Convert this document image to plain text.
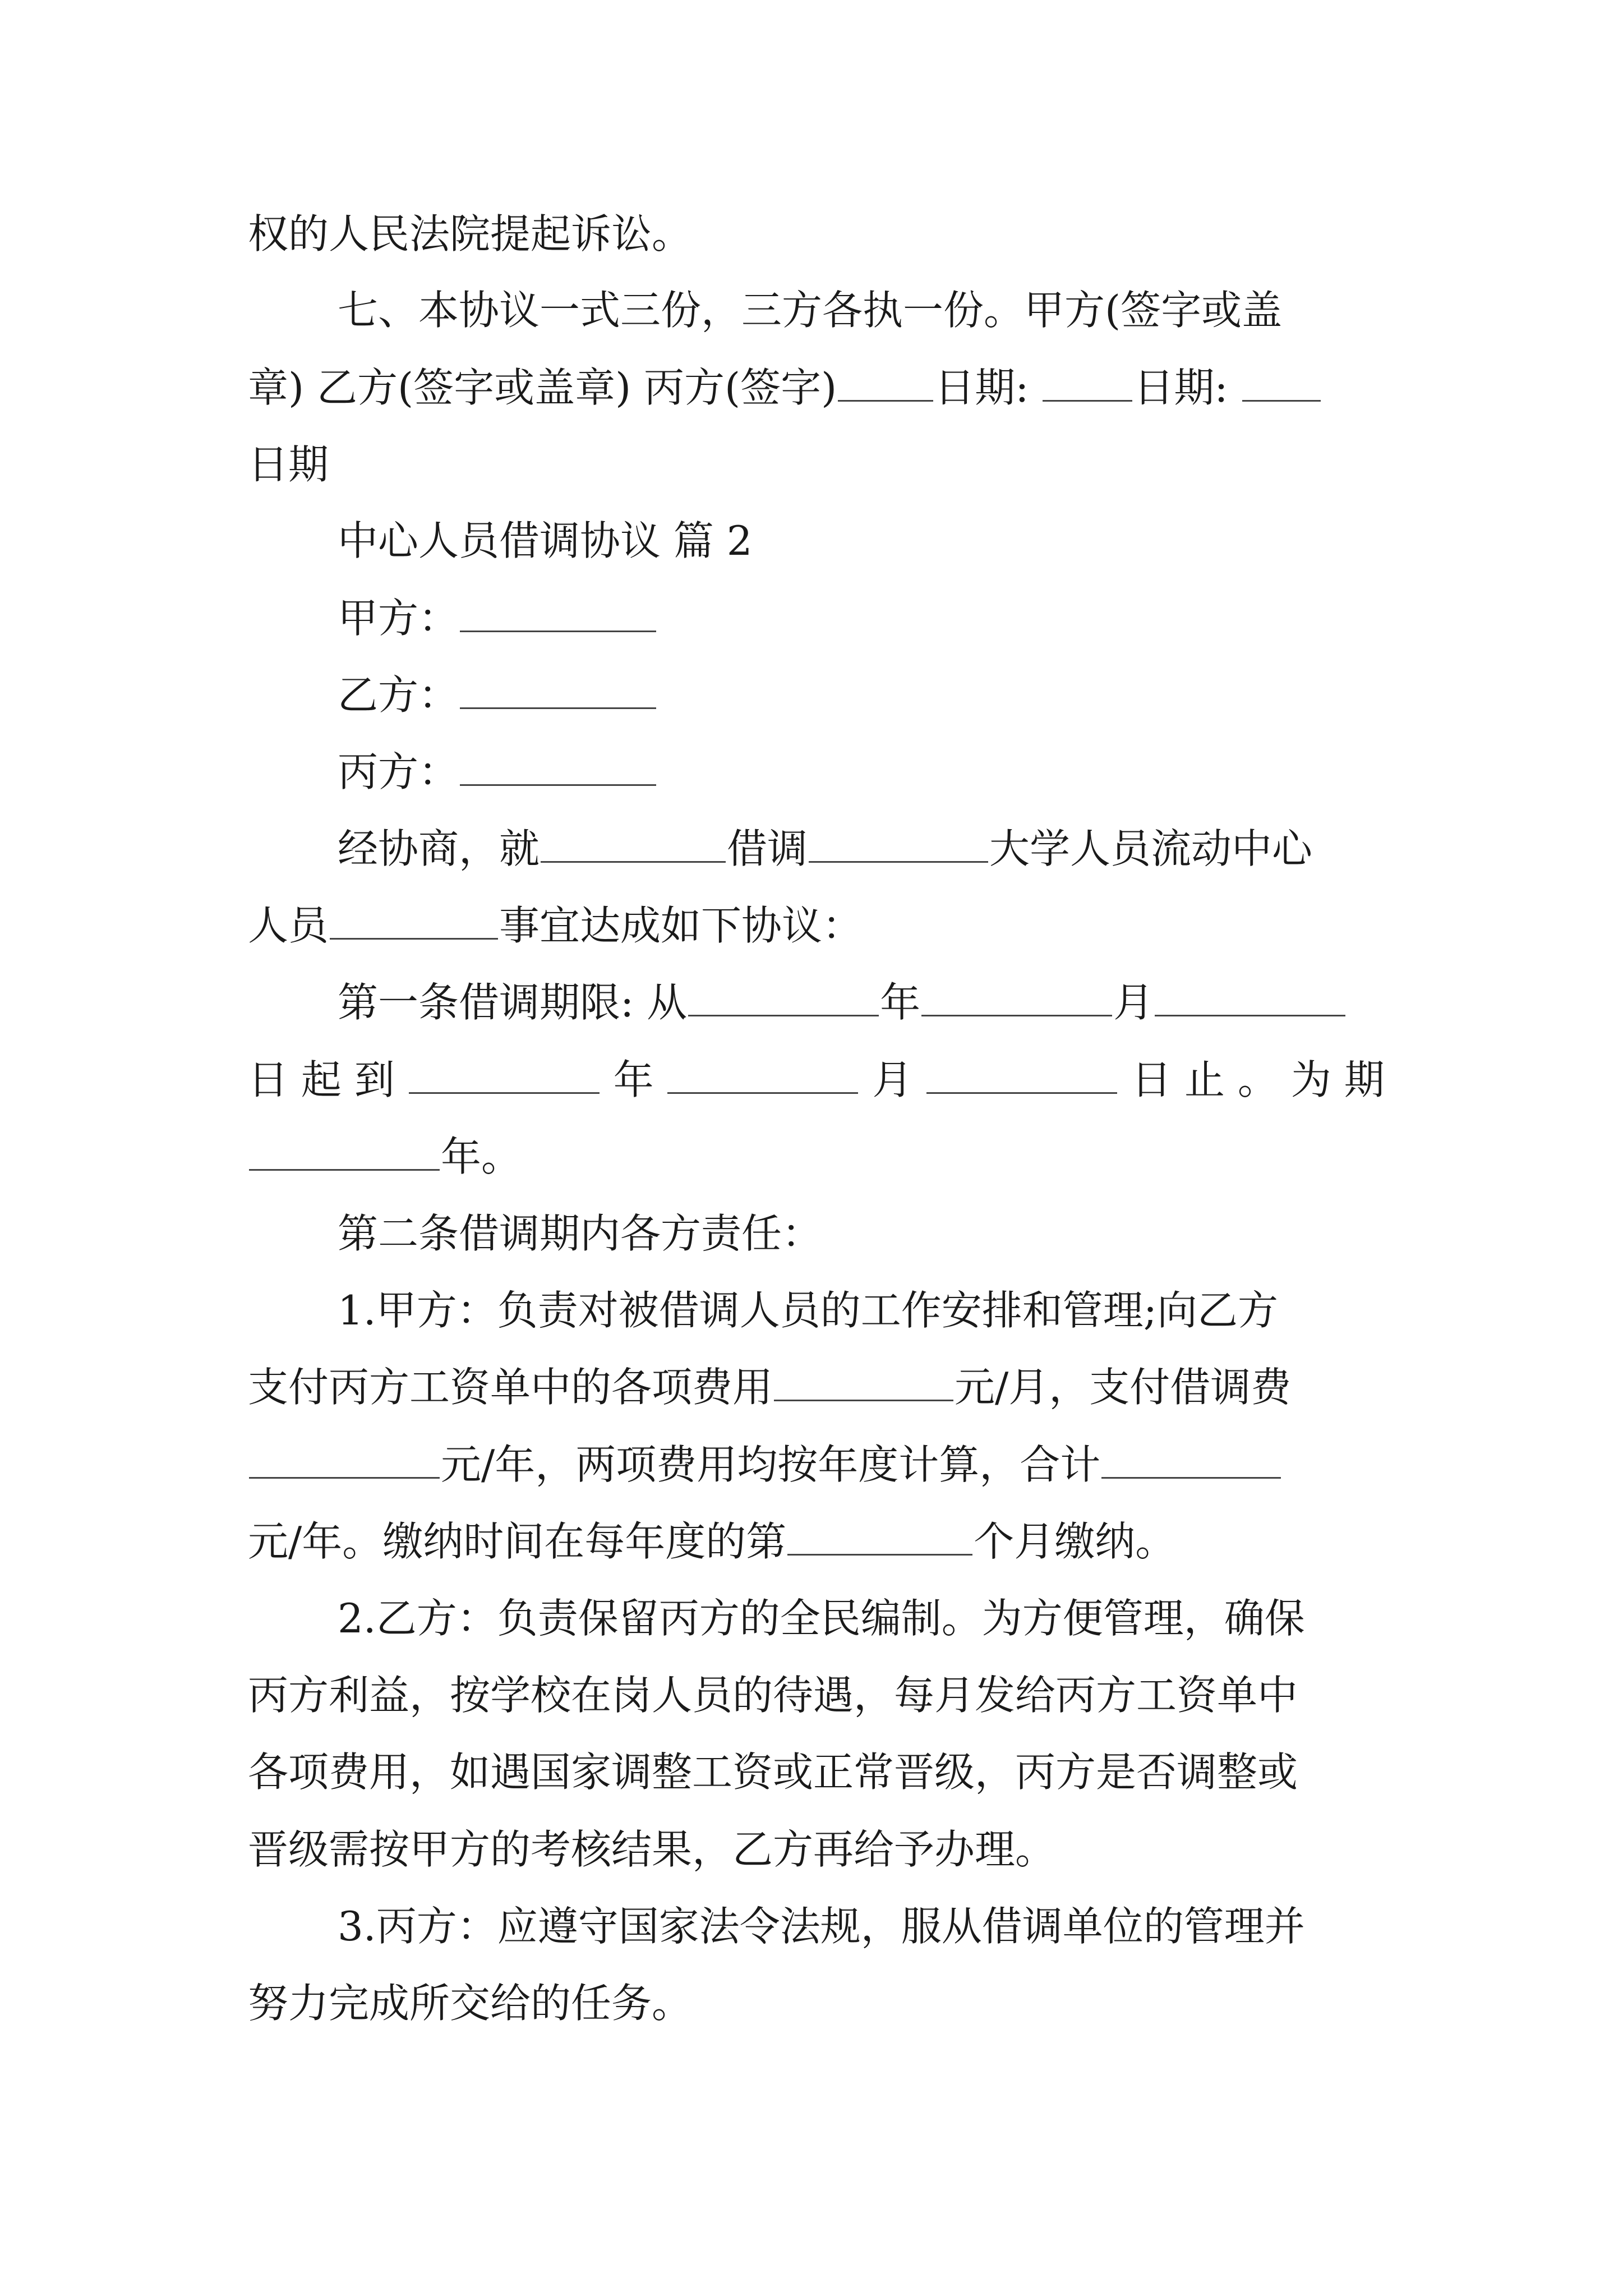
权的人民法院提起诉讼。
七、本协议一式三份，三方各执一份。甲方(签字或盖
章) 乙方(签字或盖章) 丙方(签字) 日期:	日期:
日期
中心人员借调协议 篇 2
甲方：
乙方：
丙方：
经协商，就	借调	大学人员流动中心
人员	事宜达成如下协议：
第一条借调期限: 从	年	月
日 起 到	年	月	日 止 。 为 期
年。
第二条借调期内各方责任：
1.甲方：负责对被借调人员的工作安排和管理;向乙方
支付丙方工资单中的各项费用	元/月，支付借调费
元/年，两项费用均按年度计算，合计
元/年。缴纳时间在每年度的第	个月缴纳。
2.乙方：负责保留丙方的全民编制。为方便管理，确保
丙方利益，按学校在岗人员的待遇，每月发给丙方工资单中
各项费用，如遇国家调整工资或正常晋级，丙方是否调整或
晋级需按甲方的考核结果，乙方再给予办理。
3.丙方：应遵守国家法令法规，服从借调单位的管理并
努力完成所交给的任务。
